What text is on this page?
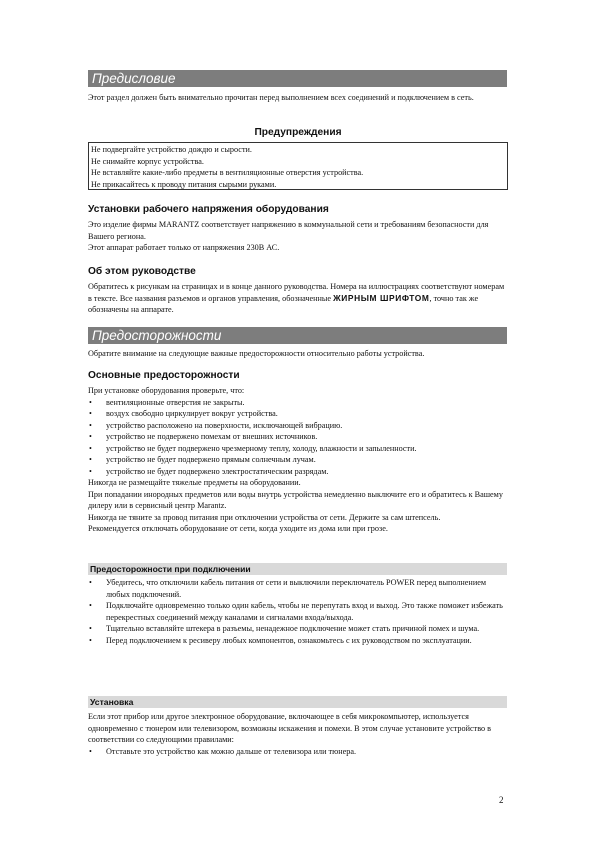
Предисловие
Этот раздел должен быть внимательно прочитан перед выполнением всех соединений и подключением в сеть.
Предупреждения
Не подвергайте устройство дождю и сырости.
Не снимайте корпус устройства.
Не вставляйте какие-либо предметы в вентиляционные отверстия устройства.
Не прикасайтесь к проводу питания сырыми руками.
Установки рабочего напряжения оборудования

Это изделие фирмы MARANTZ соответствует напряжению в коммунальной сети и требованиям безопасности для Вашего региона.

Этот аппарат работает только от напряжения 230В АС.

Об этом руководстве
Обратитесь к рисункам на страницах и в конце данного руководства. Номера на иллюстрациях соответствуют номерам в тексте. Все названия разъемов и органов управления, обозначенные ЖИРНЫМ ШРИФТОМ, точно так же обозначены на аппарате.
Предосторожности
Обратите внимание на следующие важные предосторожности относительно работы устройства.
Основные предосторожности

При установке оборудования проверьте, что:

• вентиляционные отверстия не закрыты.
• воздух свободно циркулирует вокруг устройства.
• устройство расположено на поверхности, исключающей вибрацию.
• устройство не подвержено помехам от внешних источников.
• устройство не будет подвержено чрезмерному теплу, холоду, влажности и запыленности.
• устройство не будет подвержено прямым солнечным лучам.
• устройство не будет подвержено электростатическим разрядам.

Никогда не размещайте тяжелые предметы на оборудовании.

При попадании инородных предметов или воды внутрь устройства немедленно выключите его и обратитесь к Вашему дилеру или в сервисный центр Marantz.

Никогда не тяните за провод питания при отключении устройства от сети. Держите за сам штепсель.

Рекомендуется отключать оборудование от сети, когда уходите из дома или при грозе.

Предосторожности при подключении
• Убедитесь, что отключили кабель питания от сети и выключили переключатель POWER перед выполнением любых подключений.
• Подключайте одновременно только один кабель, чтобы не перепутать вход и выход. Это также поможет избежать перекрестных соединений между каналами и сигналами входа/выхода.
• Тщательно вставляйте штекера в разъемы, ненадежное подключение может стать причиной помех и шума.
• Перед подключением к ресиверу любых компонентов, ознакомьтесь с их руководством по эксплуатации.
Установка

Если этот прибор или другое электронное оборудование, включающее в себя микрокомпьютер, используется одновременно с тюнером или телевизором, возможны искажения и помехи. В этом случае установите устройство в соответствии со следующими правилами:

• Отставьте это устройство как можно дальше от телевизора или тюнера.
2
